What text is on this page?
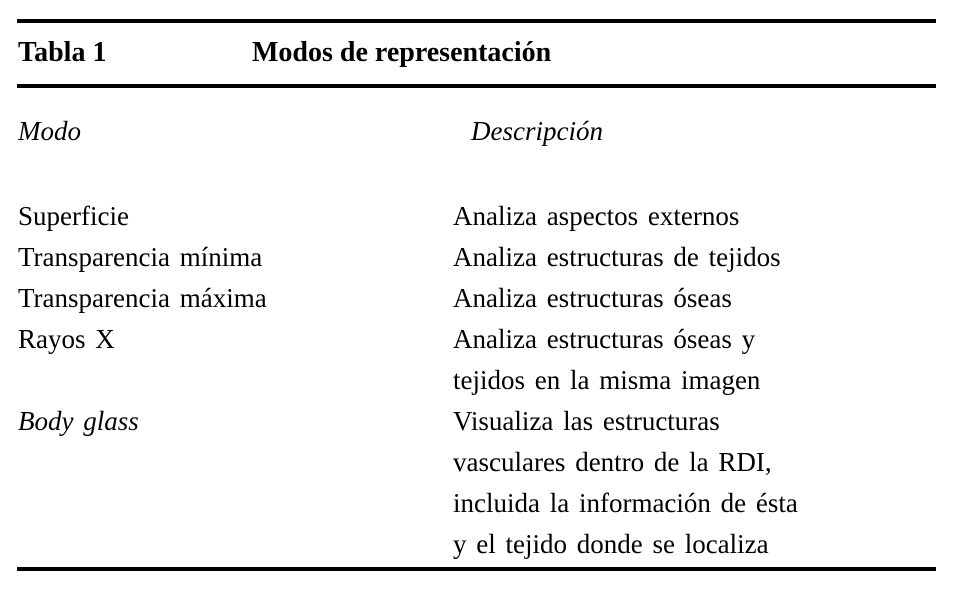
Tabla 1	Modos de representación
Modo	Descripción
Superficie	Analiza aspectos externos
Transparencia mínima	Analiza estructuras de tejidos
Transparencia máxima	Analiza estructuras óseas
Rayos X	Analiza estructuras óseas y
tejidos en la misma imagen
Body glass	Visualiza las estructuras
vasculares dentro de la RDI,
incluida la información de ésta
y el tejido donde se localiza
